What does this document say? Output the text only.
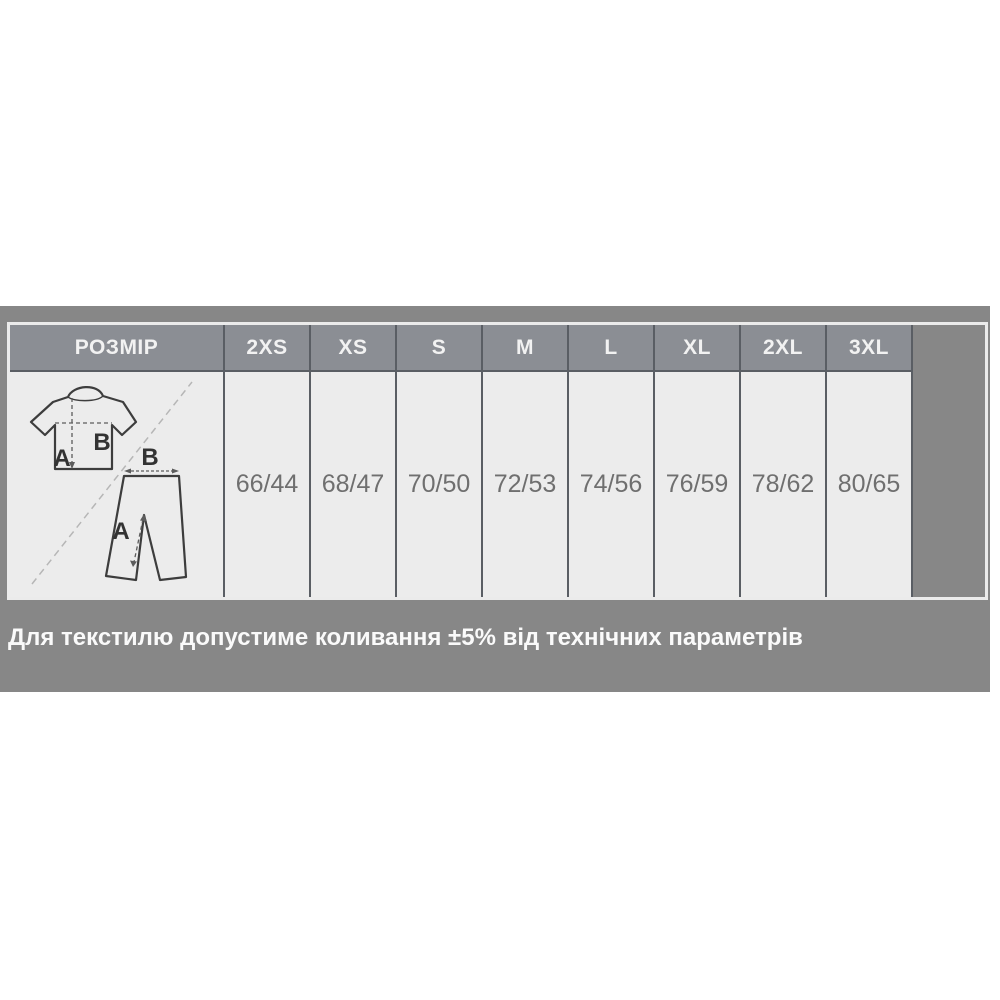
РОЗМІР
A
B
B
A
2XS
66/44
XS
68/47
S
70/50
M
72/53
L
74/56
XL
76/59
2XL
78/62
3XL
80/65
Для текстилю допустиме коливання ±5% від технічних параметрів
